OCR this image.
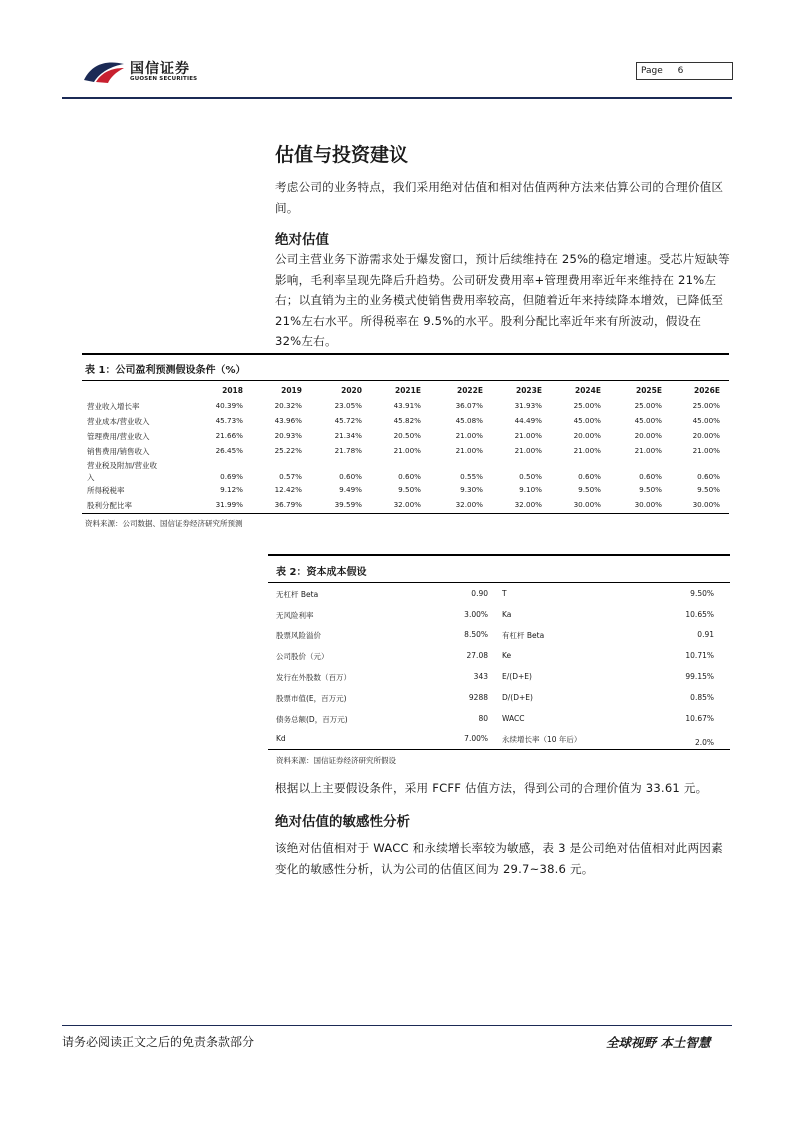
国信证券
GUOSEN SECURITIES
Page 6
估值与投资建议
考虑公司的业务特点，我们采用绝对估值和相对估值两种方法来估算公司的合理价值区间。
绝对估值
公司主营业务下游需求处于爆发窗口，预计后续维持在 25%的稳定增速。受芯片短缺等影响，毛利率呈现先降后升趋势。公司研发费用率+管理费用率近年来维持在 21%左右；以直销为主的业务模式使销售费用率较高，但随着近年来持续降本增效，已降低至 21%左右水平。所得税率在 9.5%的水平。股利分配比率近年来有所波动，假设在 32%左右。
表 1：公司盈利预测假设条件（%）
2018	2019	2020	2021E	2022E	2023E	2024E	2025E	2026E
营业收入增长率	40.39%	20.32%	23.05%	43.91%	36.07%	31.93%	25.00%	25.00%	25.00%
营业成本/营业收入	45.73%	43.96%	45.72%	45.82%	45.08%	44.49%	45.00%	45.00%	45.00%
管理费用/营业收入	21.66%	20.93%	21.34%	20.50%	21.00%	21.00%	20.00%	20.00%	20.00%
销售费用/销售收入	26.45%	25.22%	21.78%	21.00%	21.00%	21.00%	21.00%	21.00%	21.00%
营业税及附加/营业收
入	0.69%	0.57%	0.60%	0.60%	0.55%	0.50%	0.60%	0.60%	0.60%
所得税税率	9.12%	12.42%	9.49%	9.50%	9.30%	9.10%	9.50%	9.50%	9.50%
股利分配比率	31.99%	36.79%	39.59%	32.00%	32.00%	32.00%	30.00%	30.00%	30.00%
资料来源：公司数据、国信证券经济研究所预测
表 2：资本成本假设
无杠杆 Beta	0.90 T	9.50%
无风险利率	3.00% Ka	10.65%
股票风险溢价	8.50% 有杠杆 Beta	0.91
公司股价（元）	27.08 Ke	10.71%
发行在外股数（百万）	343 E/(D+E)	99.15%
股票市值(E，百万元)	9288 D/(D+E)	0.85%
债务总额(D，百万元)	80 WACC	10.67%
Kd	7.00% 永续增长率（10 年后）	2.0%
资料来源：国信证券经济研究所假设
根据以上主要假设条件，采用 FCFF 估值方法，得到公司的合理价值为 33.61 元。
绝对估值的敏感性分析
该绝对估值相对于 WACC 和永续增长率较为敏感，表 3 是公司绝对估值相对此两因素变化的敏感性分析，认为公司的估值区间为 29.7~38.6 元。
请务必阅读正文之后的免责条款部分	全球视野 本土智慧
